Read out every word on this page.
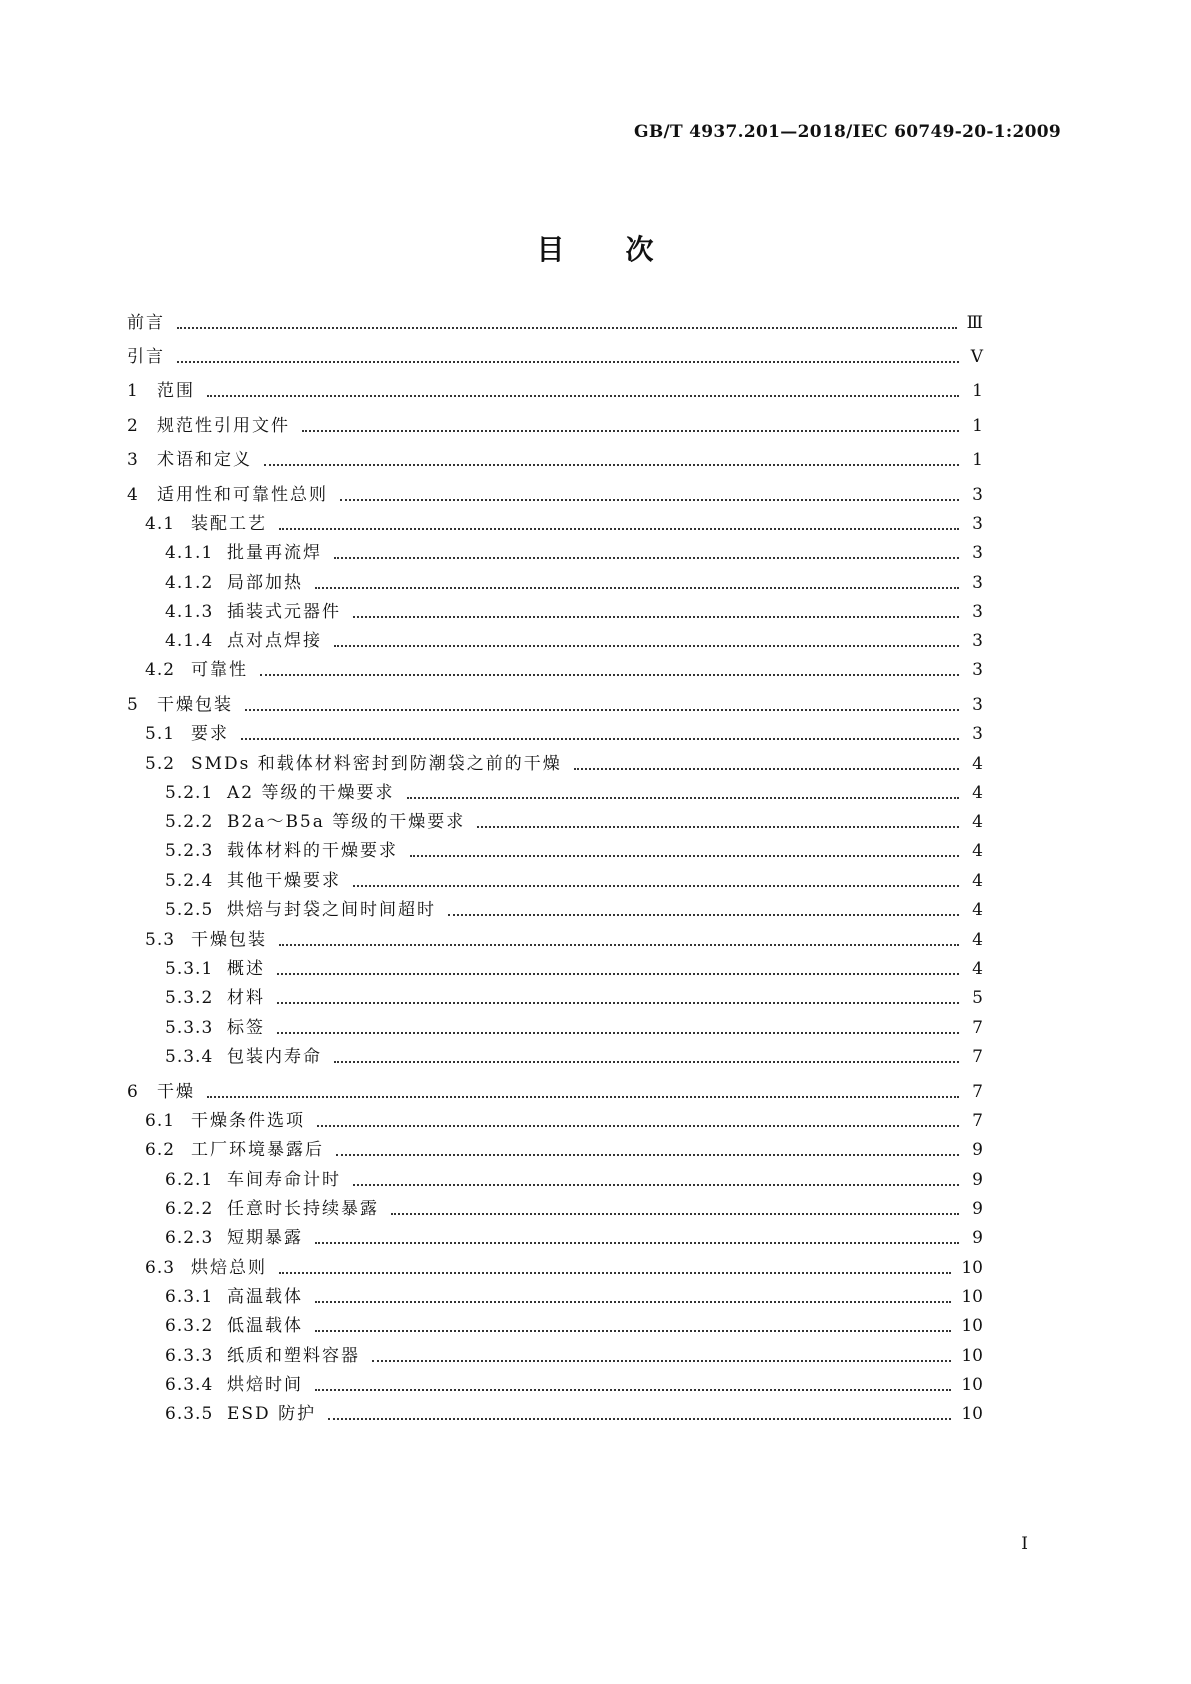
GB/T 4937.201—2018/IEC 60749-20-1:2009
目 次
前言	Ⅲ
引言	Ⅴ
1	范围	1
2	规范性引用文件	1
3	术语和定义	1
4	适用性和可靠性总则	3
4.1 装配工艺	3
4.1.1 批量再流焊	3
4.1.2 局部加热	3
4.1.3 插装式元器件	3
4.1.4 点对点焊接	3
4.2 可靠性	3
5	干燥包装	3
5.1 要求	3
5.2 SMDs 和载体材料密封到防潮袋之前的干燥	4
5.2.1 A2 等级的干燥要求	4
5.2.2 B2a～B5a 等级的干燥要求	4
5.2.3 载体材料的干燥要求	4
5.2.4 其他干燥要求	4
5.2.5 烘焙与封袋之间时间超时	4
5.3 干燥包装	4
5.3.1 概述	4
5.3.2 材料	5
5.3.3 标签	7
5.3.4 包装内寿命	7
6	干燥	7
6.1 干燥条件选项	7
6.2 工厂环境暴露后	9
6.2.1 车间寿命计时	9
6.2.2 任意时长持续暴露	9
6.2.3 短期暴露	9
6.3 烘焙总则	10
6.3.1 高温载体	10
6.3.2 低温载体	10
6.3.3 纸质和塑料容器	10
6.3.4 烘焙时间	10
6.3.5 ESD 防护	10
I
